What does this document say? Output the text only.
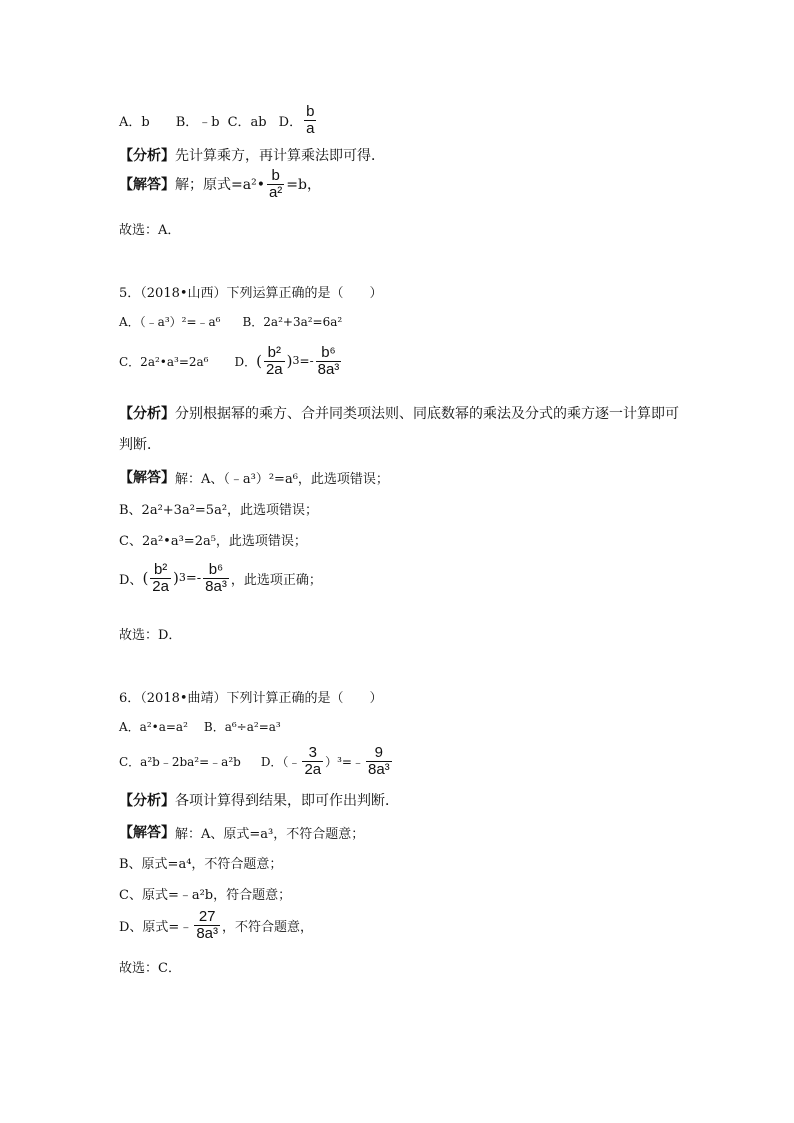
A．b B．﹣b C．ab D． $\frac{b}{a}$
【分析】 先计算乘方，再计算乘法即可得．
【解答】 解；原式=a²• $\frac{b}{\text{a²}} =b$，
故选：A．
5．（2018•山西）下列运算正确的是（　　）
A．（﹣a³）²=﹣a⁶ B．2a²+3a²=6a²
C．2a²•a³=2a⁶ D． ( $\frac{\text{b²}}{2a}$ ) $3 =- \frac{\text{b⁶}}{\text{8a³}}$
【分析】 分别根据幂的乘方、合并同类项法则、同底数幂的乘法及分式的乘方逐一计算即可
判断．
【解答】 解：A、（﹣a³）²=a⁶，此选项错误；
B、2a²+3a²=5a²，此选项错误；
C、2a²•a³=2a⁵，此选项错误；
D、 ( $\frac{\text{b²}}{2a}$ ) $3 =- \frac{\text{b⁶}}{\text{8a³}}$ ，此选项正确；
故选：D．
6．（2018•曲靖）下列计算正确的是（　　）
A．a²•a=a² B．a⁶÷a²=a³
C．a²b﹣2ba²=﹣a²b D．（﹣ $\frac{3}{2a}$ ）³=﹣ $\frac{9}{\text{8a³}}$
【分析】 各项计算得到结果，即可作出判断．
【解答】 解：A、原式=a³，不符合题意；
B、原式=a⁴，不符合题意；
C、原式=﹣a²b，符合题意；
D、原式=﹣ $\frac{27}{\text{8a³}}$ ，不符合题意，
故选：C．
